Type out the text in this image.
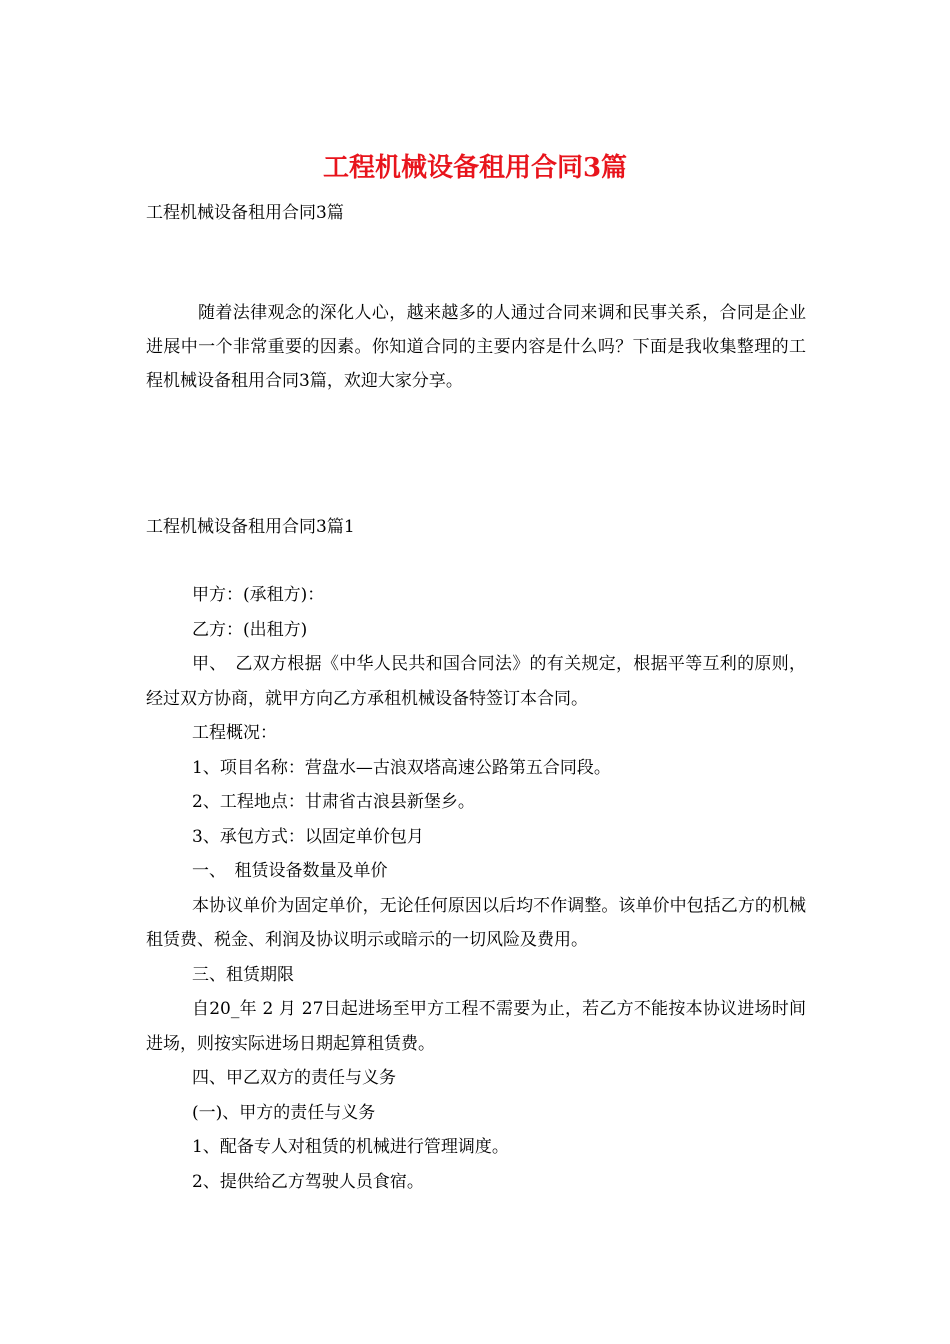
工程机械设备租用合同3篇

工程机械设备租用合同3篇

随着法律观念的深化人心，越来越多的人通过合同来调和民事关系，合同是企业进展中一个非常重要的因素。你知道合同的主要内容是什么吗？下面是我收集整理的工程机械设备租用合同3篇，欢迎大家分享。

工程机械设备租用合同3篇1

甲方：(承租方)：

乙方：(出租方)

甲、　乙双方根据《中华人民共和国合同法》的有关规定，根据平等互利的原则，经过双方协商，就甲方向乙方承租机械设备特签订本合同。

工程概况：

1、项目名称：营盘水—古浪双塔高速公路第五合同段。

2、工程地点：甘肃省古浪县新堡乡。

3、承包方式：以固定单价包月

一、　租赁设备数量及单价

本协议单价为固定单价，无论任何原因以后均不作调整。该单价中包括乙方的机械租赁费、税金、利润及协议明示或暗示的一切风险及费用。

三、租赁期限

自20_年 2 月 27日起进场至甲方工程不需要为止，若乙方不能按本协议进场时间进场，则按实际进场日期起算租赁费。

四、甲乙双方的责任与义务

(一)、甲方的责任与义务

1、配备专人对租赁的机械进行管理调度。

2、提供给乙方驾驶人员食宿。
